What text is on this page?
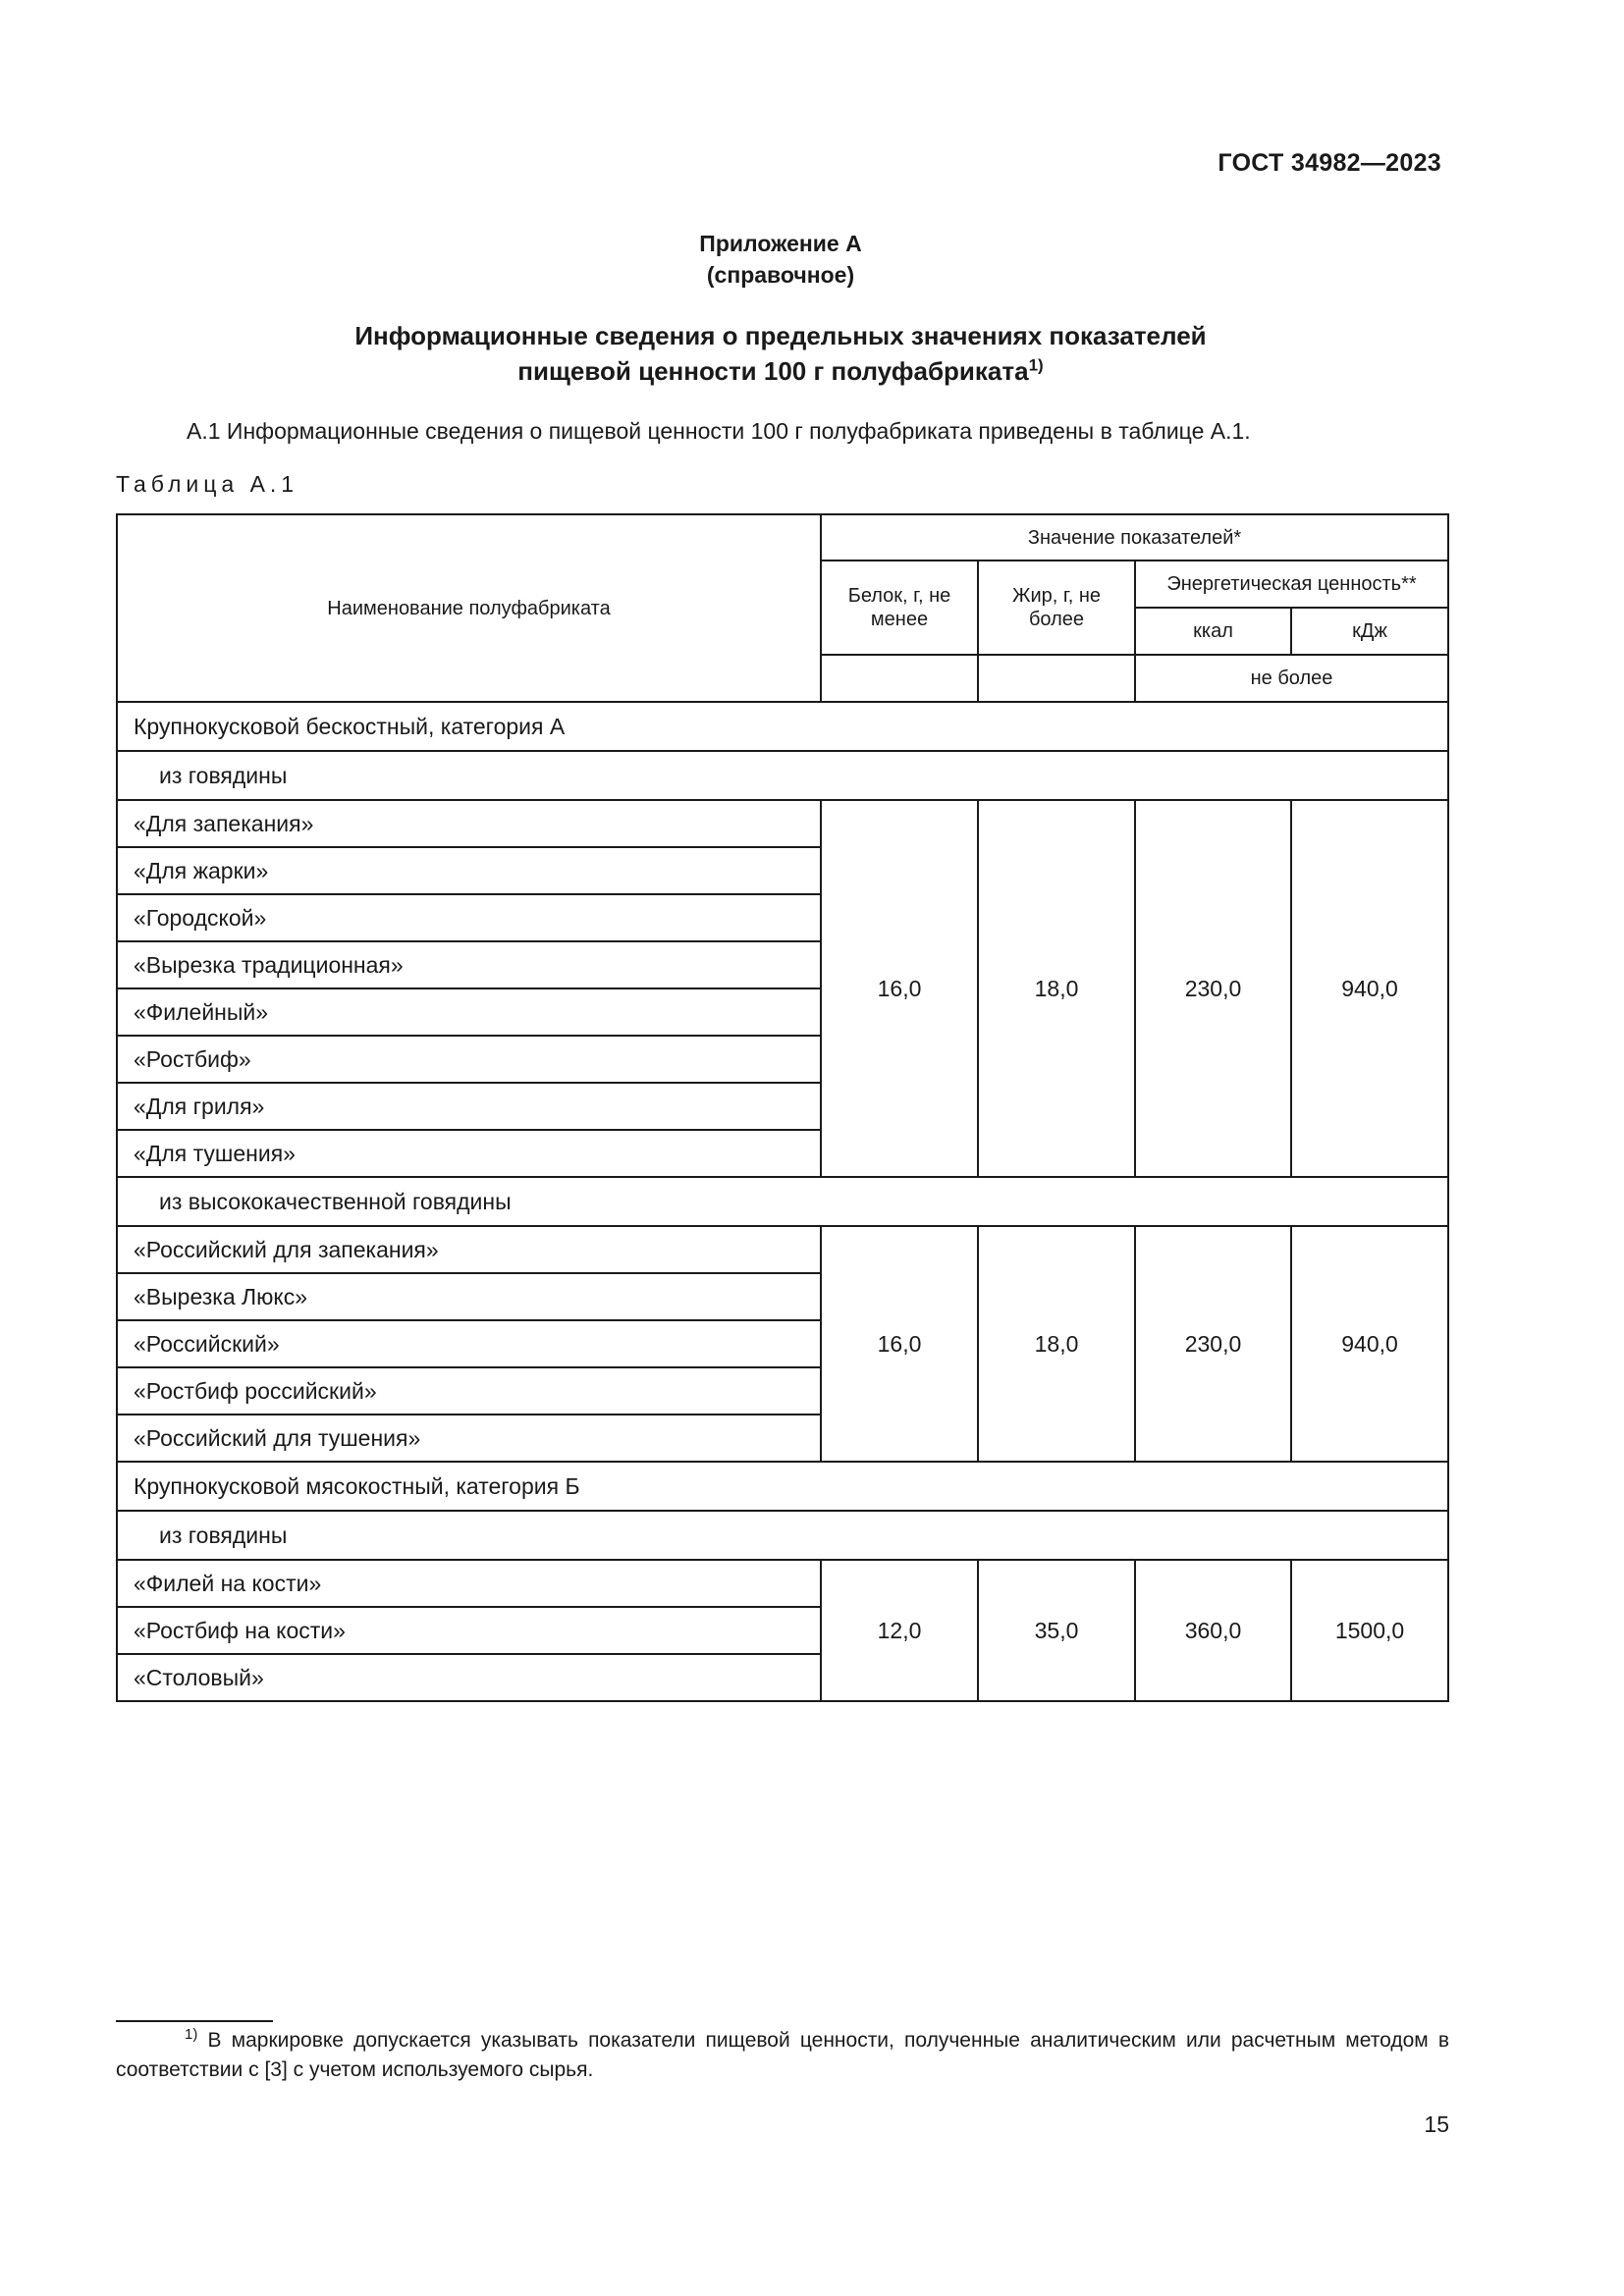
ГОСТ 34982—2023
Приложение А
(справочное)
Информационные сведения о предельных значениях показателей
пищевой ценности 100 г полуфабриката$^{1)}$
А.1 Информационные сведения о пищевой ценности 100 г полуфабриката приведены в таблице А.1.
Таблица А.1
Наименование полуфабриката	Значение показателей*			

	Белок, г, не менее	Жир, г, не более	Энергетическая ценность**	
			ккал	кДж
			не более	
Крупнокусковой бескостный, категория А				
из говядины				
«Для запекания»	16,0	18,0	230,0	940,0
«Для жарки»				
«Городской»				
«Вырезка традиционная»				
«Филейный»				
«Ростбиф»				
«Для гриля»				
«Для тушения»				
из высококачественной говядины				
«Российский для запекания»	16,0	18,0	230,0	940,0
«Вырезка Люкс»				
«Российский»				
«Ростбиф российский»				
«Российский для тушения»				
Крупнокусковой мясокостный, категория Б				
из говядины				
«Филей на кости»	12,0	35,0	360,0	1500,0
«Ростбиф на кости»				
«Столовый»				
$^{1)}$ В маркировке допускается указывать показатели пищевой ценности, полученные аналитическим или расчетным методом в соответствии с [3] с учетом используемого сырья.
15
